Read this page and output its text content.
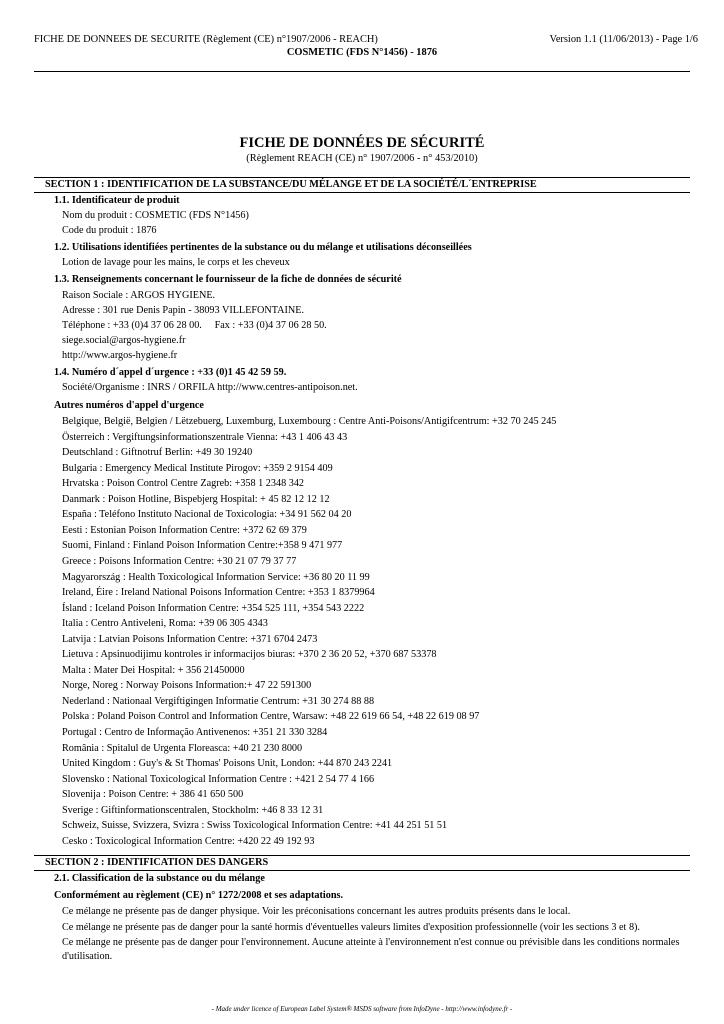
FICHE DE DONNEES DE SECURITE (Règlement (CE) n°1907/2006 - REACH)	Version 1.1 (11/06/2013) - Page 1/6
COSMETIC (FDS N°1456) - 1876
FICHE DE DONNÉES DE SÉCURITÉ
(Règlement REACH (CE) n° 1907/2006 - n° 453/2010)
SECTION 1 : IDENTIFICATION DE LA SUBSTANCE/DU MÉLANGE ET DE LA SOCIÉTÉ/L´ENTREPRISE
1.1. Identificateur de produit
Nom du produit : COSMETIC (FDS N°1456)
Code du produit : 1876
1.2. Utilisations identifiées pertinentes de la substance ou du mélange et utilisations déconseillées
Lotion de lavage pour les mains, le corps et les cheveux
1.3. Renseignements concernant le fournisseur de la fiche de données de sécurité
Raison Sociale : ARGOS HYGIENE.
Adresse : 301 rue Denis Papin - 38093 VILLEFONTAINE.
Téléphone : +33 (0)4 37 06 28 00.     Fax : +33 (0)4 37 06 28 50.
siege.social@argos-hygiene.fr
http://www.argos-hygiene.fr
1.4. Numéro d´appel d´urgence : +33 (0)1 45 42 59 59.
Société/Organisme : INRS / ORFILA http://www.centres-antipoison.net.
Autres numéros d'appel d'urgence
Belgique, België, Belgien / Lëtzebuerg, Luxemburg, Luxembourg : Centre Anti-Poisons/Antigifcentrum: +32 70 245 245
Österreich : Vergiftungsinformationszentrale Vienna: +43 1 406 43 43
Deutschland : Giftnotruf Berlin: +49 30 19240
Bulgaria : Emergency Medical Institute Pirogov: +359 2 9154 409
Hrvatska : Poison Control Centre Zagreb: +358 1 2348 342
Danmark : Poison Hotline, Bispebjerg Hospital: + 45 82 12 12 12
España : Teléfono Instituto Nacional de Toxicologia: +34 91 562 04 20
Eesti : Estonian Poison Information Centre: +372 62 69 379
Suomi, Finland : Finland Poison Information Centre:+358 9 471 977
Greece : Poisons Information Centre: +30 21 07 79 37 77
Magyarország : Health Toxicological Information Service: +36 80 20 11 99
Ireland, Éire : Ireland National Poisons Information Centre: +353 1 8379964
Ísland : Iceland Poison Information Centre: +354 525 111, +354 543 2222
Italia : Centro Antiveleni, Roma: +39 06 305 4343
Latvija : Latvian Poisons Information Centre: +371 6704 2473
Lietuva : Apsinuodijimu kontroles ir informacijos biuras: +370 2 36 20 52, +370 687 53378
Malta : Mater Dei Hospital: + 356 21450000
Norge, Noreg : Norway Poisons Information:+ 47 22 591300
Nederland : Nationaal Vergiftigingen Informatie Centrum: +31 30 274 88 88
Polska : Poland Poison Control and Information Centre, Warsaw: +48 22 619 66 54, +48 22 619 08 97
Portugal : Centro de Informação Antivenenos: +351 21 330 3284
România : Spitalul de Urgenta Floreasca: +40 21 230 8000
United Kingdom : Guy's & St Thomas' Poisons Unit, London: +44 870 243 2241
Slovensko : National Toxicological Information Centre : +421 2 54 77 4 166
Slovenija : Poison Centre: + 386 41 650 500
Sverige : Giftinformationscentralen, Stockholm: +46 8 33 12 31
Schweiz, Suisse, Svizzera, Svizra : Swiss Toxicological Information Centre: +41 44 251 51 51
Cesko : Toxicological Information Centre: +420 22 49 192 93
SECTION 2 : IDENTIFICATION DES DANGERS
2.1. Classification de la substance ou du mélange
Conformément au règlement (CE) n° 1272/2008 et ses adaptations.
Ce mélange ne présente pas de danger physique. Voir les préconisations concernant les autres produits présents dans le local.
Ce mélange ne présente pas de danger pour la santé hormis d'éventuelles valeurs limites d'exposition professionnelle (voir les sections 3 et 8).
Ce mélange ne présente pas de danger pour l'environnement. Aucune atteinte à l'environnement n'est connue ou prévisible dans les conditions normales d'utilisation.
- Made under licence of European Label System® MSDS software from InfoDyne - http://www.infodyne.fr -
